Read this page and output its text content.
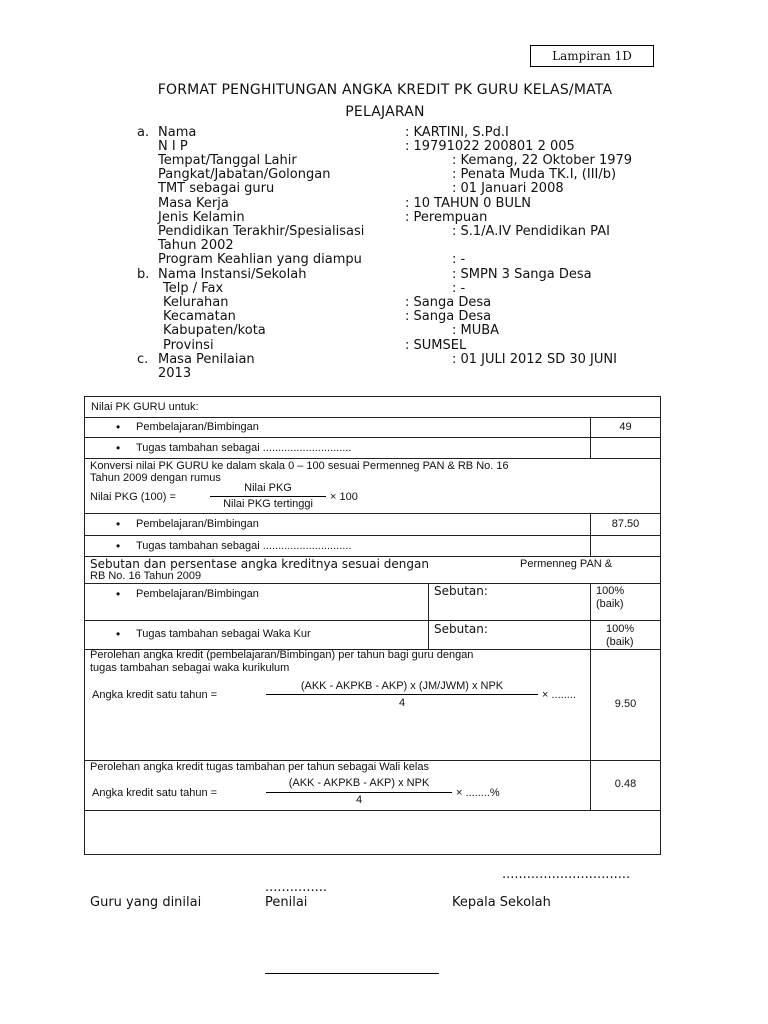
Lampiran 1D
FORMAT PENGHITUNGAN ANGKA KREDIT PK GURU KELAS/MATA
PELAJARAN
a. Nama	: KARTINI, S.Pd.I
N I P	: 19791022 200801 2 005
Tempat/Tanggal Lahir	: Kemang, 22 Oktober 1979
Pangkat/Jabatan/Golongan	: Penata Muda TK.I, (III/b)
TMT sebagai guru	: 01 Januari 2008
Masa Kerja	: 10 TAHUN 0 BULN
Jenis Kelamin	: Perempuan
Pendidikan Terakhir/Spesialisasi	: S.1/A.IV Pendidikan PAI
Tahun 2002
Program Keahlian yang diampu	: -
b. Nama Instansi/Sekolah	: SMPN 3 Sanga Desa
Telp / Fax	: -
Kelurahan	: Sanga Desa
Kecamatan	: Sanga Desa
Kabupaten/kota	: MUBA
Provinsi	: SUMSEL
c. Masa Penilaian	: 01 JULI 2012 SD 30 JUNI
2013
Nilai PK GURU untuk:
• Pembelajaran/Bimbingan	49
• Tugas tambahan sebagai .............................
Konversi nilai PK GURU ke dalam skala 0 – 100 sesuai Permenneg PAN & RB No. 16
Tahun 2009 dengan rumus
Nilai PKG (100) =
Nilai PKG
Nilai PKG tertinggi
× 100
• Pembelajaran/Bimbingan	87.50
• Tugas tambahan sebagai .............................
Sebutan dan persentase angka kreditnya sesuai dengan	Permenneg PAN &
RB No. 16 Tahun 2009
• Pembelajaran/Bimbingan	Sebutan:	100%
(baik)
• Tugas tambahan sebagai Waka Kur	Sebutan:	100%
(baik)
Perolehan angka kredit (pembelajaran/Bimbingan) per tahun bagi guru dengan
tugas tambahan sebagai waka kurikulum
Angka kredit satu tahun =
(AKK - AKPKB - AKP) x (JM/JWM) x NPK
4
× ........
9.50
Perolehan angka kredit tugas tambahan per tahun sebagai Wali kelas
Angka kredit satu tahun =
(AKK - AKPKB - AKP) x NPK
4
× ........%
0.48
...............................
...............
Guru yang dinilai	Penilai	Kepala Sekolah
